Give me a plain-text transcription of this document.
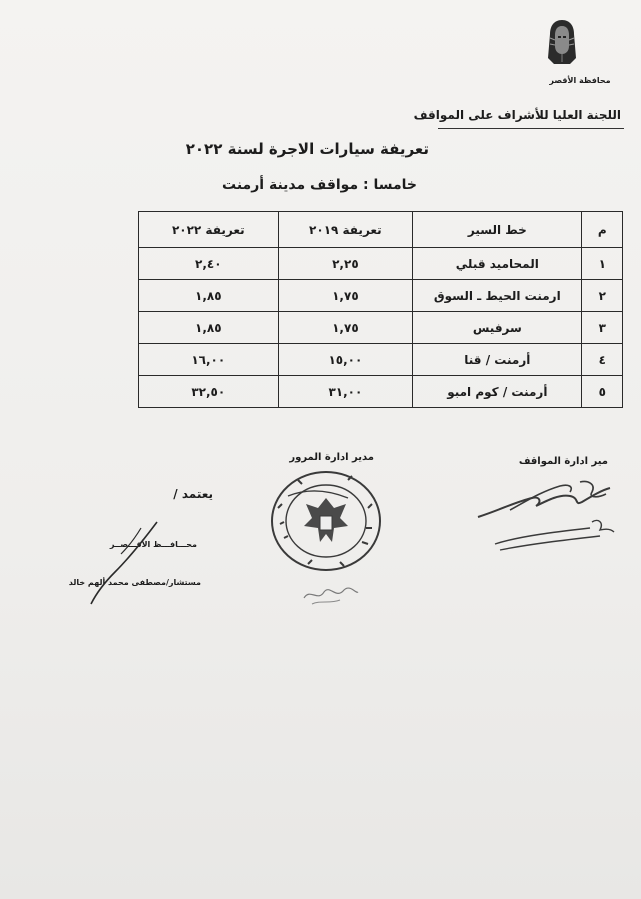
محافظة الأقصر
اللجنة العليا للأشراف على المواقف
تعريفة سيارات الاجرة لسنة ٢٠٢٢
خامسا : مواقف مدينة أرمنت
م	خط السير	تعريفة ٢٠١٩	تعريفة ٢٠٢٢
١	المحاميد قبلي	٢,٢٥	٢,٤٠
٢	ارمنت الحيط ـ السوق	١,٧٥	١,٨٥
٣	سرفيس	١,٧٥	١,٨٥
٤	أرمنت / قنا	١٥,٠٠	١٦,٠٠
٥	أرمنت / كوم امبو	٣١,٠٠	٣٢,٥٠
مير ادارة المواقف
مدير ادارة المرور
يعتمد /
محـــافـــظ الأقـــصــر
مستشار/مصطفى محمد ألهم خالد
